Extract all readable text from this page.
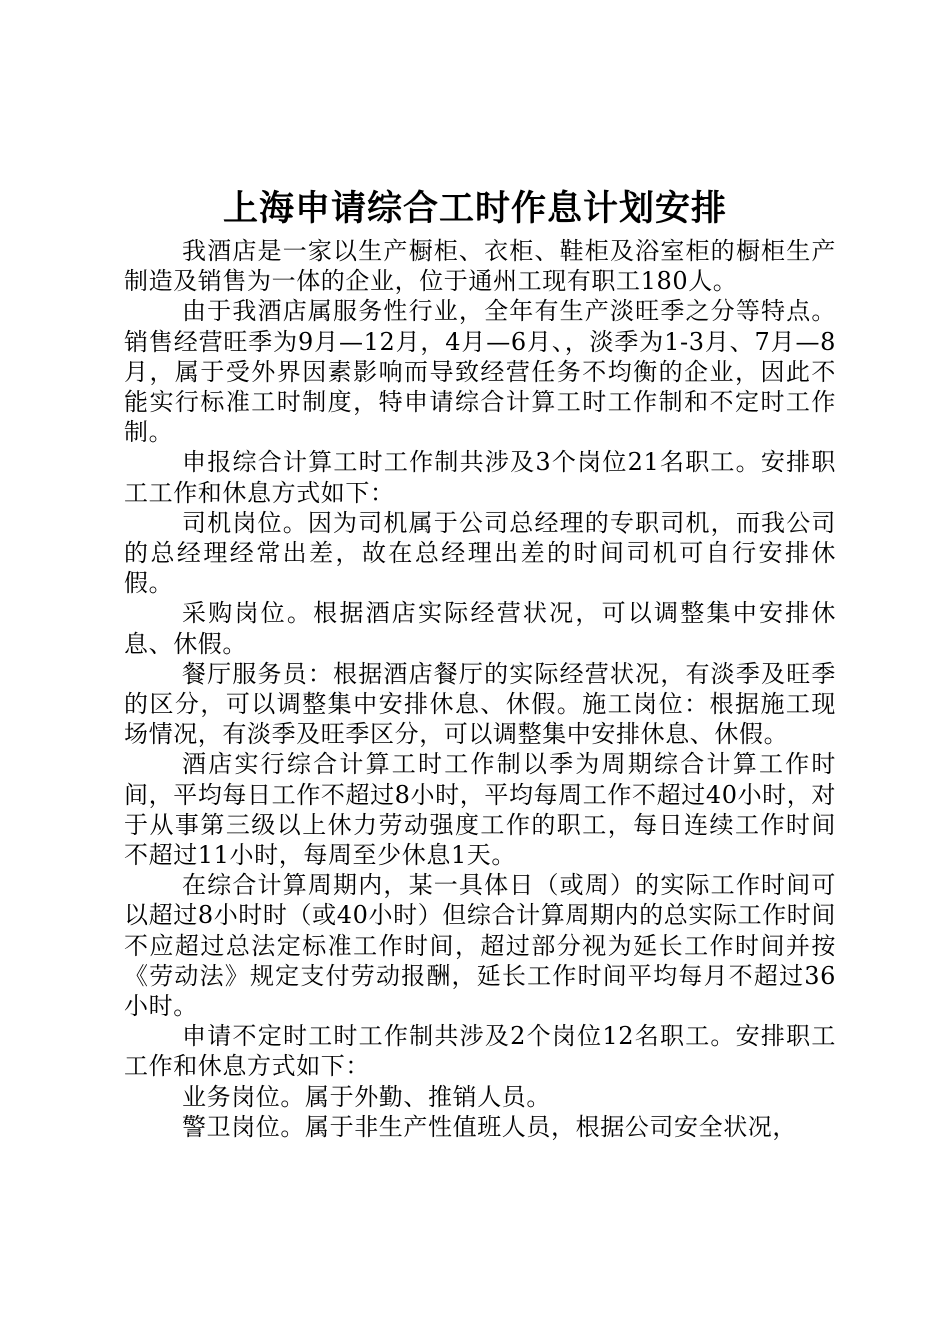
上海申请综合工时作息计划安排

我酒店是一家以生产橱柜、衣柜、鞋柜及浴室柜的橱柜生产制造及销售为一体的企业，位于通州工现有职工180人。

由于我酒店属服务性行业，全年有生产淡旺季之分等特点。销售经营旺季为9月—12月，4月—6月、，淡季为1-3月、7月—8月，属于受外界因素影响而导致经营任务不均衡的企业，因此不能实行标准工时制度，特申请综合计算工时工作制和不定时工作制。

申报综合计算工时工作制共涉及3个岗位21名职工。安排职工工作和休息方式如下：

司机岗位。因为司机属于公司总经理的专职司机，而我公司的总经理经常出差，故在总经理出差的时间司机可自行安排休假。

采购岗位。根据酒店实际经营状况，可以调整集中安排休息、休假。

餐厅服务员：根据酒店餐厅的实际经营状况，有淡季及旺季的区分，可以调整集中安排休息、休假。施工岗位：根据施工现场情况，有淡季及旺季区分，可以调整集中安排休息、休假。

酒店实行综合计算工时工作制以季为周期综合计算工作时间，平均每日工作不超过8小时，平均每周工作不超过40小时，对于从事第三级以上休力劳动强度工作的职工，每日连续工作时间不超过11小时，每周至少休息1天。

在综合计算周期内，某一具体日（或周）的实际工作时间可以超过8小时时（或40小时）但综合计算周期内的总实际工作时间不应超过总法定标准工作时间，超过部分视为延长工作时间并按《劳动法》规定支付劳动报酬，延长工作时间平均每月不超过36小时。

申请不定时工时工作制共涉及2个岗位12名职工。安排职工工作和休息方式如下：

业务岗位。属于外勤、推销人员。

警卫岗位。属于非生产性值班人员，根据公司安全状况，
